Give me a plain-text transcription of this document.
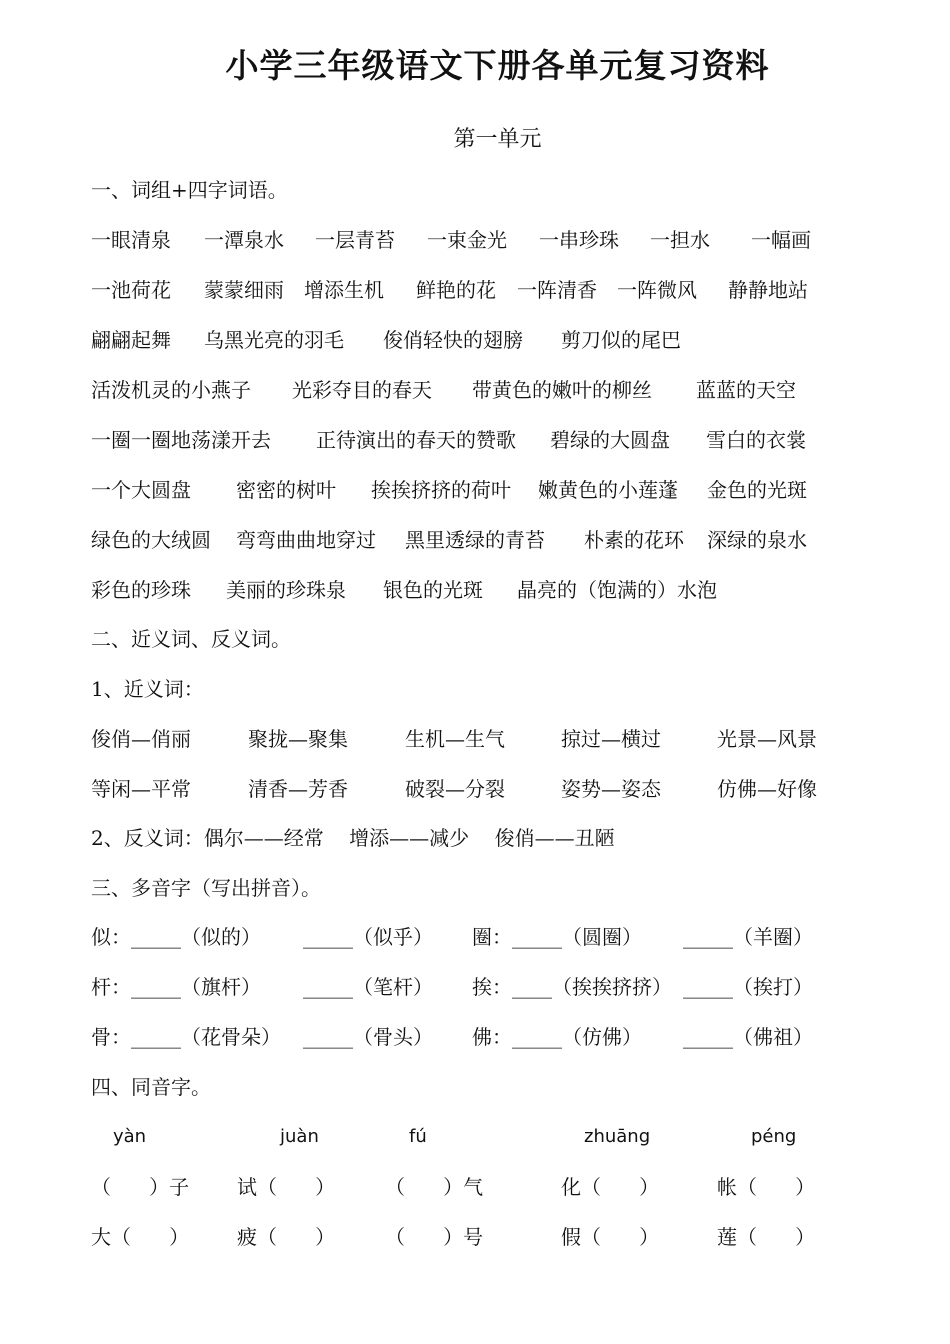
小学三年级语文下册各单元复习资料
第一单元
一、词组+四字词语。
一眼清泉 一潭泉水 一层青苔 一束金光 一串珍珠 一担水 一幅画
一池荷花 蒙蒙细雨 增添生机 鲜艳的花 一阵清香 一阵微风 静静地站
翩翩起舞 乌黑光亮的羽毛 俊俏轻快的翅膀 剪刀似的尾巴
活泼机灵的小燕子 光彩夺目的春天 带黄色的嫩叶的柳丝 蓝蓝的天空
一圈一圈地荡漾开去 正待演出的春天的赞歌 碧绿的大圆盘 雪白的衣裳
一个大圆盘 密密的树叶 挨挨挤挤的荷叶 嫩黄色的小莲蓬 金色的光斑
绿色的大绒圆 弯弯曲曲地穿过 黑里透绿的青苔 朴素的花环 深绿的泉水
彩色的珍珠 美丽的珍珠泉 银色的光斑 晶亮的（饱满的）水泡
二、近义词、反义词。
1、近义词：
俊俏—俏丽	聚拢—聚集	生机—生气	掠过—横过	光景—风景
等闲—平常	清香—芳香	破裂—分裂	姿势—姿态	仿佛—好像
2、反义词：偶尔——经常    增添——减少    俊俏——丑陋
三、多音字（写出拼音）。
似：_____（似的） _____（似乎） 圈：_____（圆圈） _____（羊圈）
杆：_____（旗杆） _____（笔杆） 挨：____（挨挨挤挤） _____（挨打）
骨：_____（花骨朵） _____（骨头） 佛：_____（仿佛） _____（佛祖）
四、同音字。
yàn	juàn	fú	zhuāng	péng
（      ）子 试（      ） （      ）气	化（      ）	帐（      ）
大（      ） 疲（      ） （      ）号	假（      ）	莲（      ）
